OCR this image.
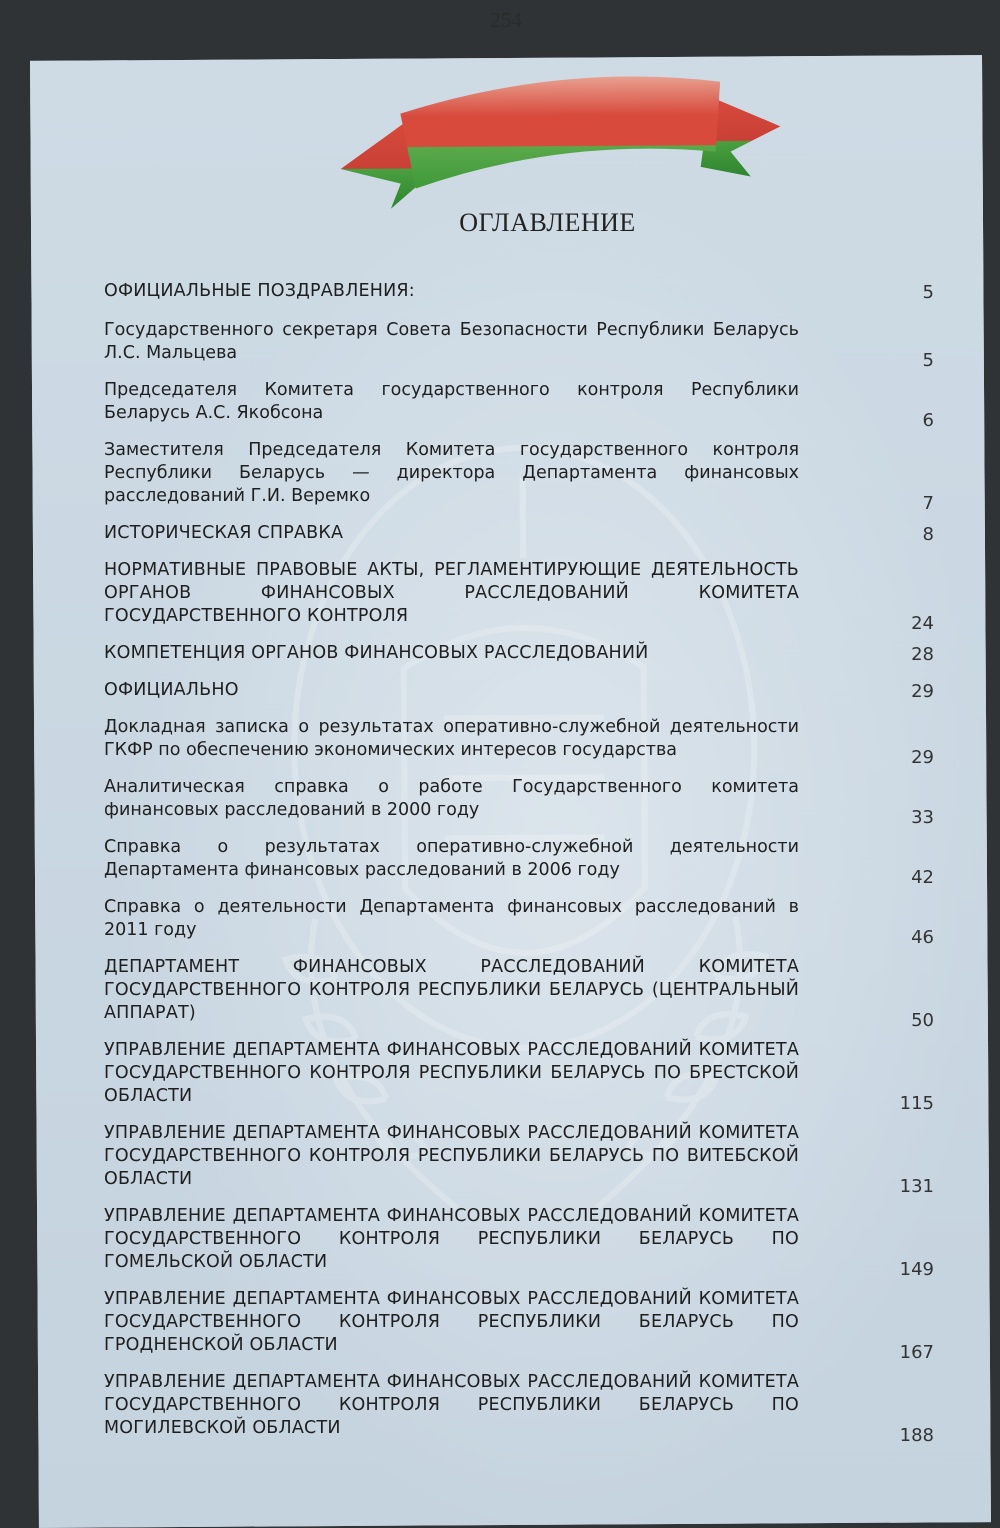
254
ОГЛАВЛЕНИЕ
ОФИЦИАЛЬНЫЕ ПОЗДРАВЛЕНИЯ:	5
Государственного секретаря Совета Безопасности Республики Беларусь Л.С. Мальцева	5
Председателя Комитета государственного контроля Республики Беларусь А.С. Якобсона	6
Заместителя Председателя Комитета государственного контроля Республики Беларусь — директора Департамента финансовых расследований Г.И. Веремко	7
ИСТОРИЧЕСКАЯ СПРАВКА	8
НОРМАТИВНЫЕ ПРАВОВЫЕ АКТЫ, РЕГЛАМЕНТИРУЮЩИЕ ДЕЯТЕЛЬНОСТЬ ОРГАНОВ ФИНАНСОВЫХ РАССЛЕДОВАНИЙ КОМИТЕТА ГОСУДАРСТВЕННОГО КОНТРОЛЯ	24
КОМПЕТЕНЦИЯ ОРГАНОВ ФИНАНСОВЫХ РАССЛЕДОВАНИЙ	28
ОФИЦИАЛЬНО	29
Докладная записка о результатах оперативно-служебной деятельности ГКФР по обеспечению экономических интересов государства	29
Аналитическая справка о работе Государственного комитета финансовых расследований в 2000 году	33
Справка о результатах оперативно-служебной деятельности Департамента финансовых расследований в 2006 году	42
Справка о деятельности Департамента финансовых расследований в 2011 году	46
ДЕПАРТАМЕНТ ФИНАНСОВЫХ РАССЛЕДОВАНИЙ КОМИТЕТА ГОСУДАРСТВЕННОГО КОНТРОЛЯ РЕСПУБЛИКИ БЕЛАРУСЬ (ЦЕНТРАЛЬНЫЙ АППАРАТ)	50
УПРАВЛЕНИЕ ДЕПАРТАМЕНТА ФИНАНСОВЫХ РАССЛЕДОВАНИЙ КОМИТЕТА ГОСУДАРСТВЕННОГО КОНТРОЛЯ РЕСПУБЛИКИ БЕЛАРУСЬ ПО БРЕСТСКОЙ ОБЛАСТИ	115
УПРАВЛЕНИЕ ДЕПАРТАМЕНТА ФИНАНСОВЫХ РАССЛЕДОВАНИЙ КОМИТЕТА ГОСУДАРСТВЕННОГО КОНТРОЛЯ РЕСПУБЛИКИ БЕЛАРУСЬ ПО ВИТЕБСКОЙ ОБЛАСТИ	131
УПРАВЛЕНИЕ ДЕПАРТАМЕНТА ФИНАНСОВЫХ РАССЛЕДОВАНИЙ КОМИТЕТА ГОСУДАРСТВЕННОГО КОНТРОЛЯ РЕСПУБЛИКИ БЕЛАРУСЬ ПО ГОМЕЛЬСКОЙ ОБЛАСТИ	149
УПРАВЛЕНИЕ ДЕПАРТАМЕНТА ФИНАНСОВЫХ РАССЛЕДОВАНИЙ КОМИТЕТА ГОСУДАРСТВЕННОГО КОНТРОЛЯ РЕСПУБЛИКИ БЕЛАРУСЬ ПО ГРОДНЕНСКОЙ ОБЛАСТИ	167
УПРАВЛЕНИЕ ДЕПАРТАМЕНТА ФИНАНСОВЫХ РАССЛЕДОВАНИЙ КОМИТЕТА ГОСУДАРСТВЕННОГО КОНТРОЛЯ РЕСПУБЛИКИ БЕЛАРУСЬ ПО МОГИЛЕВСКОЙ ОБЛАСТИ	188
